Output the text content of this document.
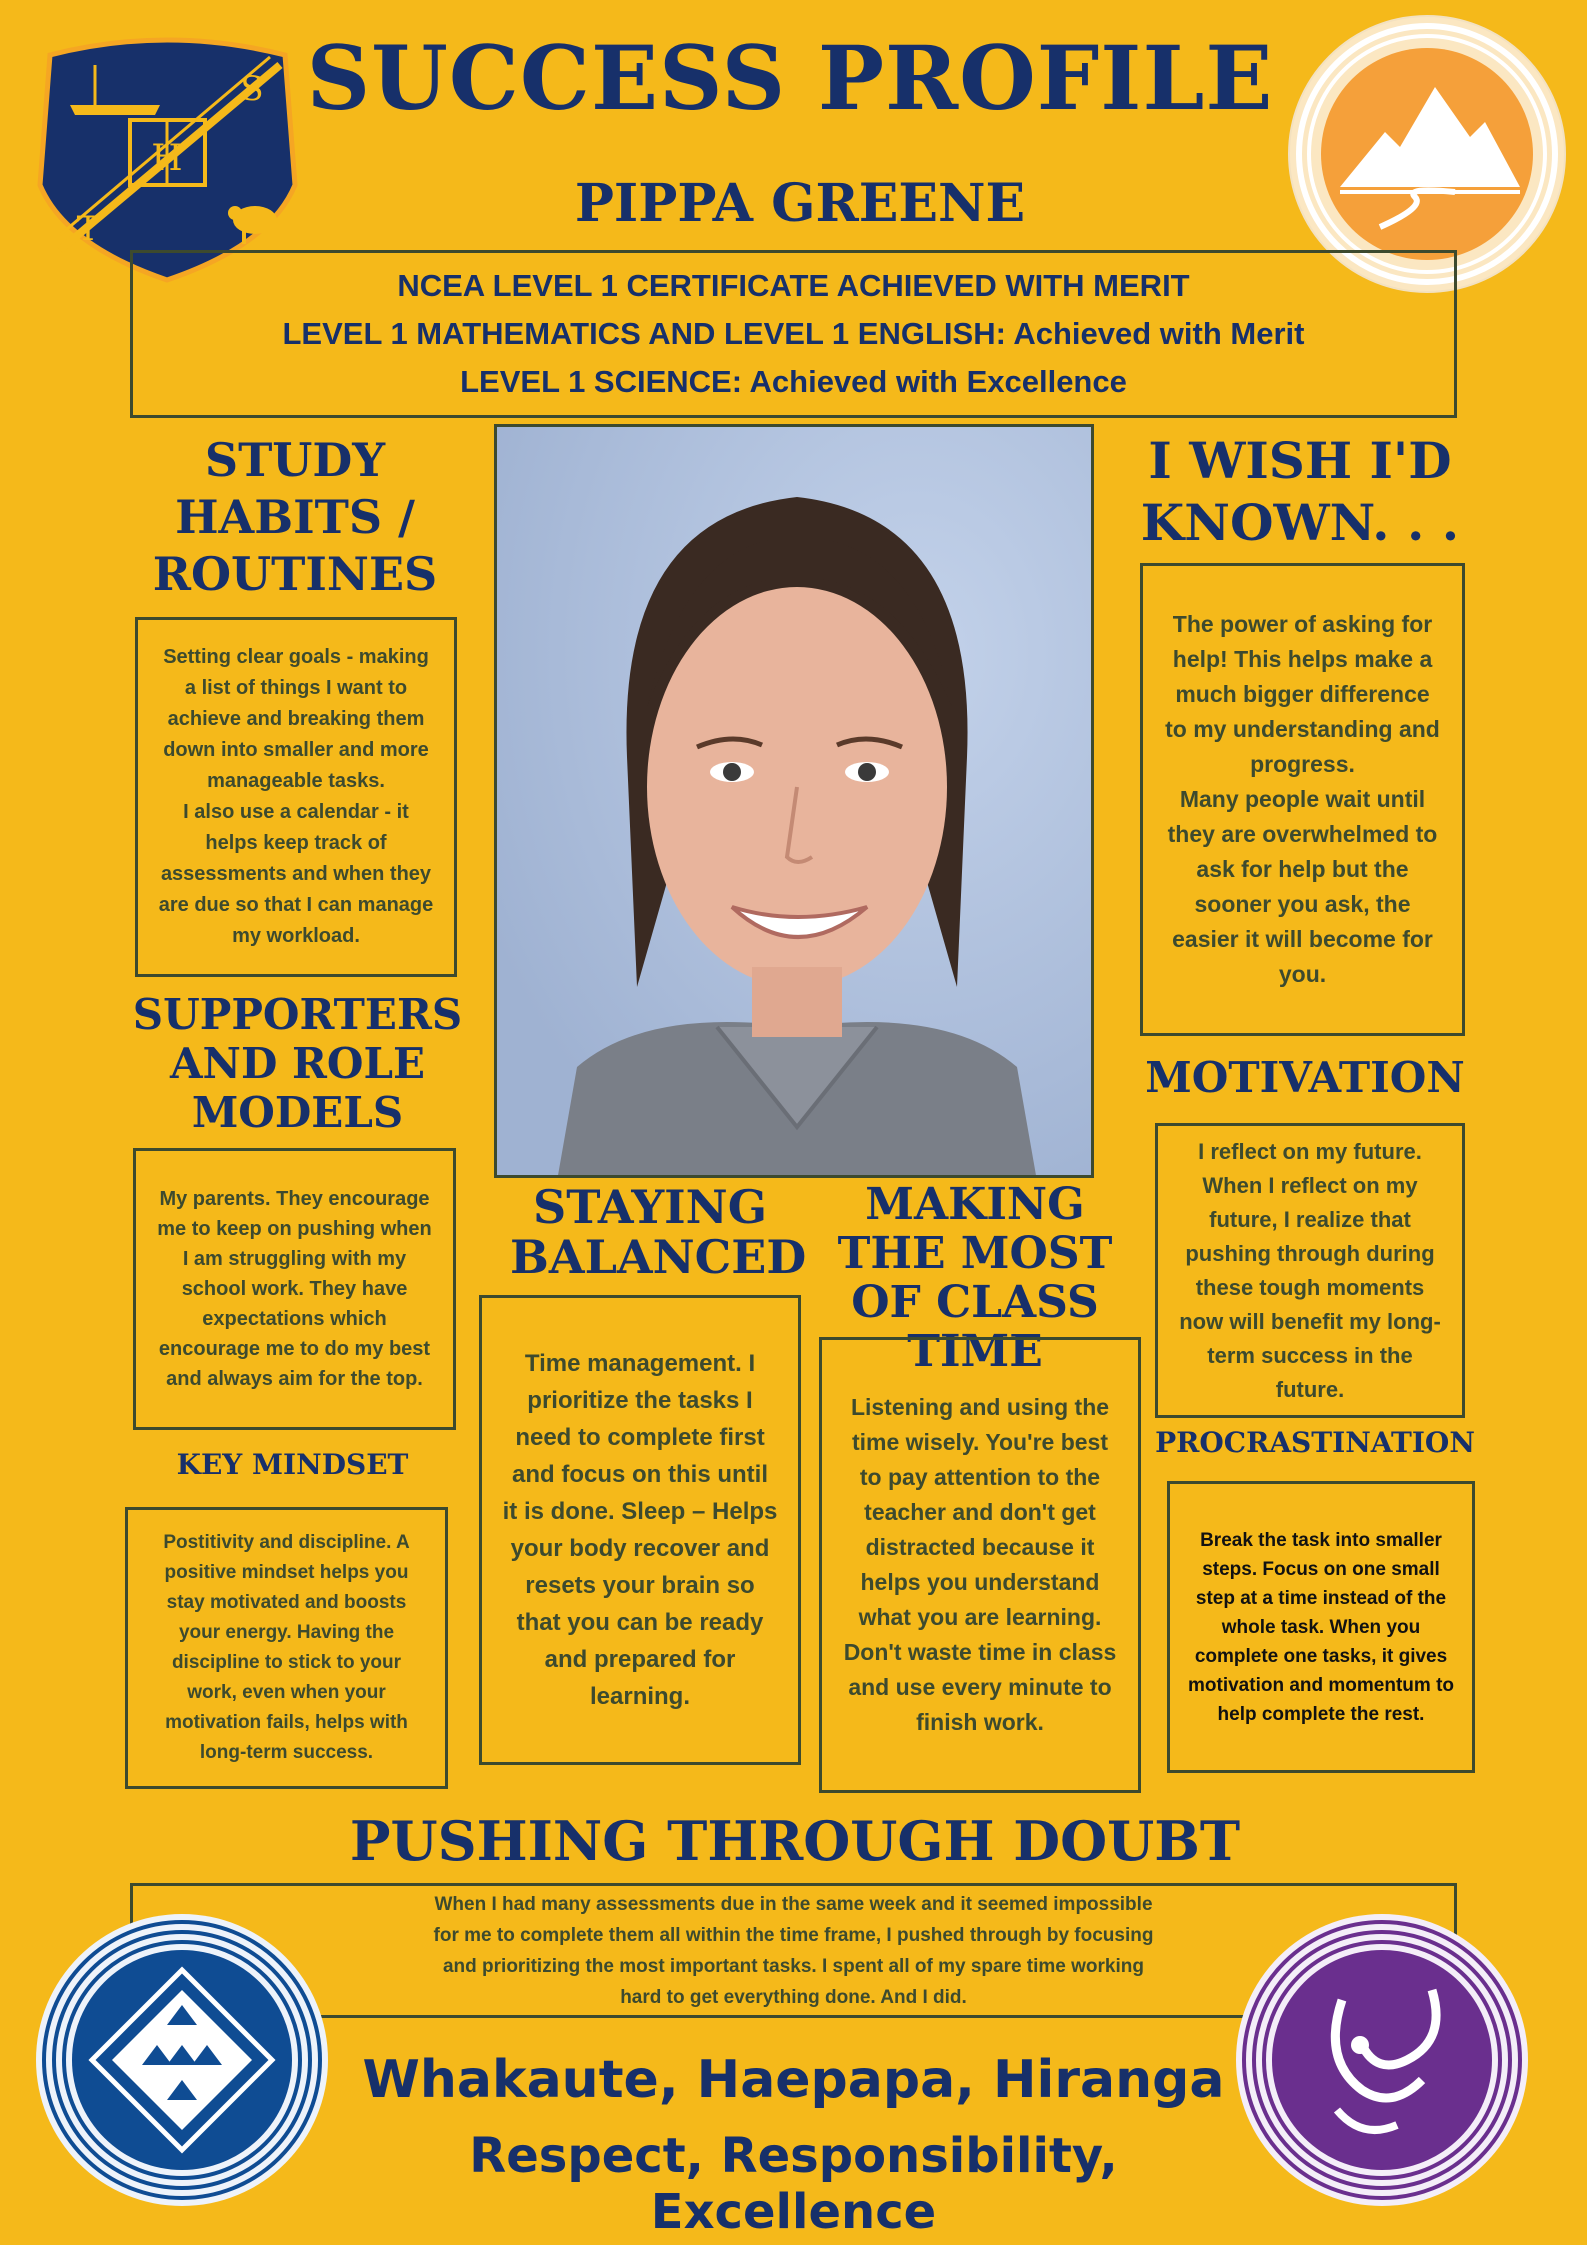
H
S
T
SUCCESS PROFILE
PIPPA GREENE
NCEA LEVEL 1 CERTIFICATE ACHIEVED WITH MERIT
LEVEL 1 MATHEMATICS AND LEVEL 1 ENGLISH: Achieved with Merit
LEVEL 1 SCIENCE: Achieved with Excellence
STUDY HABITS / ROUTINES
Setting clear goals - making a list of things I want to achieve and breaking them down into smaller and more manageable tasks.
I also use a calendar - it helps keep track of assessments and when they are due so that I can manage my workload.
SUPPORTERS AND ROLE MODELS
My parents. They encourage me to keep on pushing when I am struggling with my school work. They have expectations which encourage me to do my best and always aim for the top.
KEY MINDSET
Postitivity and discipline. A positive mindset helps you stay motivated and boosts your energy. Having the discipline to stick to your work, even when your motivation fails, helps with long-term success.
I WISH I'D KNOWN. . .
The power of asking for help! This helps make a much bigger difference to my understanding and progress.
Many people wait until they are overwhelmed to ask for help but the sooner you ask, the easier it will become for you.
MOTIVATION
I reflect on my future. When I reflect on my future, I realize that pushing through during these tough moments now will benefit my long-term success in the future.
PROCRASTINATION
Break the task into smaller steps. Focus on one small step at a time instead of the whole task. When you complete one tasks, it gives motivation and momentum to help complete the rest.
STAYING BALANCED
Time management. I prioritize the tasks I need to complete first and focus on this until it is done. Sleep – Helps your body recover and resets your brain so that you can be ready and prepared for learning.
MAKING THE MOST OF CLASS TIME
Listening and using the time wisely. You're best to pay attention to the teacher and don't get distracted because it helps you understand what you are learning. Don't waste time in class and use every minute to finish work.
PUSHING THROUGH DOUBT
When I had many assessments due in the same week and it seemed impossible for me to complete them all within the time frame, I pushed through by focusing and prioritizing the most important tasks. I spent all of my spare time working hard to get everything done. And I did.
Whakaute, Haepapa, Hiranga
Respect, Responsibility, Excellence
